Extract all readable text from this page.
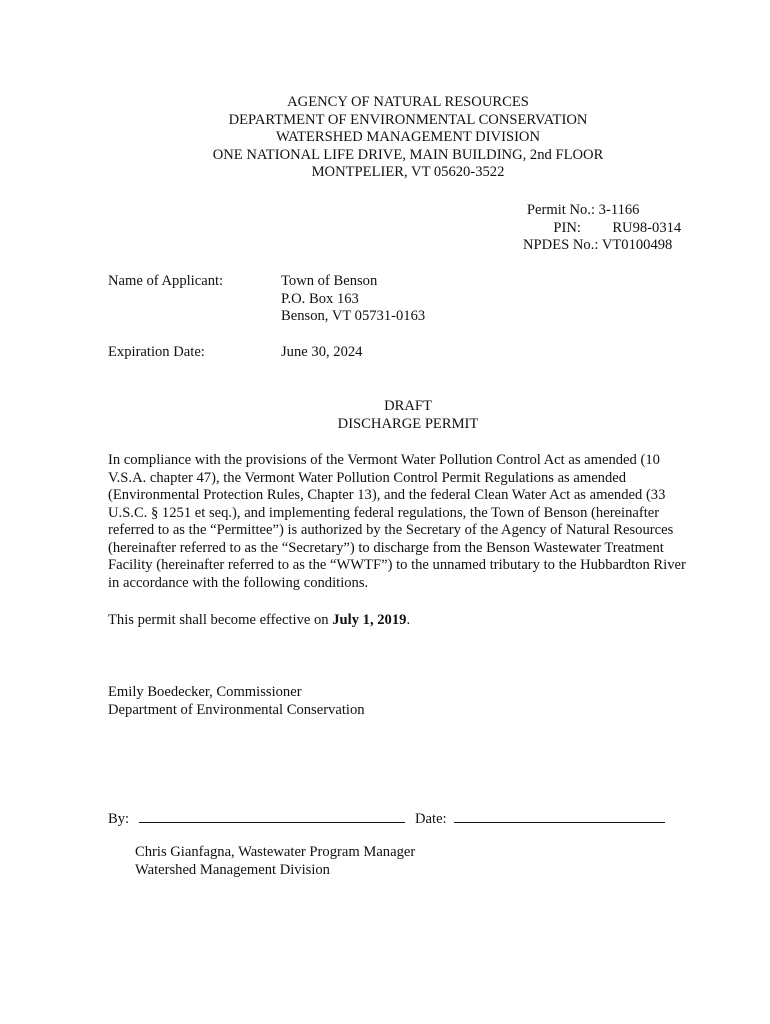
AGENCY OF NATURAL RESOURCES
DEPARTMENT OF ENVIRONMENTAL CONSERVATION
WATERSHED MANAGEMENT DIVISION
ONE NATIONAL LIFE DRIVE, MAIN BUILDING, 2nd FLOOR
MONTPELIER, VT 05620-3522
Permit No.: 3-1166
PIN: RU98-0314
NPDES No.: VT0100498
Name of Applicant:	Town of Benson
P.O. Box 163
Benson, VT 05731-0163
Expiration Date:	June 30, 2024
DRAFT
DISCHARGE PERMIT
In compliance with the provisions of the Vermont Water Pollution Control Act as amended (10
V.S.A. chapter 47), the Vermont Water Pollution Control Permit Regulations as amended
(Environmental Protection Rules, Chapter 13), and the federal Clean Water Act as amended (33
U.S.C. § 1251 et seq.), and implementing federal regulations, the Town of Benson (hereinafter
referred to as the “Permittee”) is authorized by the Secretary of the Agency of Natural Resources
(hereinafter referred to as the “Secretary”) to discharge from the Benson Wastewater Treatment
Facility (hereinafter referred to as the “WWTF”) to the unnamed tributary to the Hubbardton River
in accordance with the following conditions.
This permit shall become effective on July 1, 2019.
Emily Boedecker, Commissioner
Department of Environmental Conservation
By:	Date:
Chris Gianfagna, Wastewater Program Manager
Watershed Management Division
